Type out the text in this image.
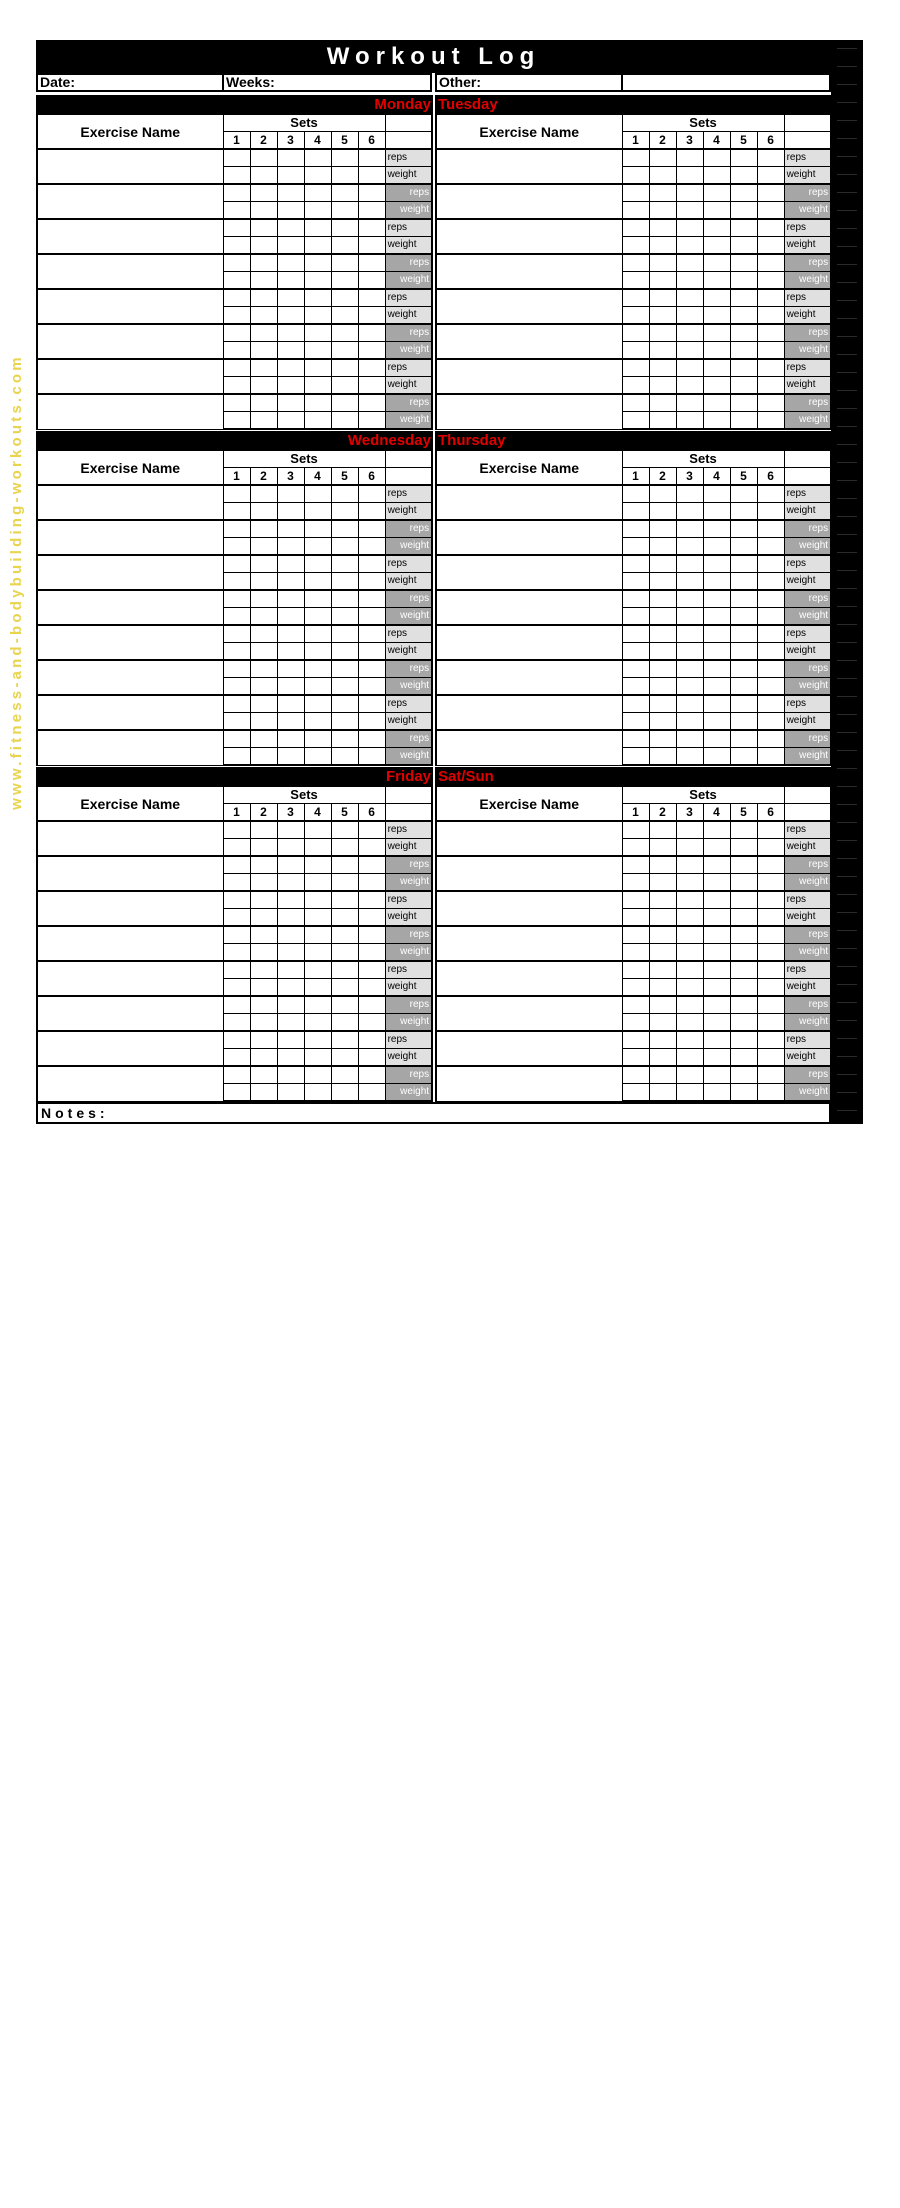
www.fitness-and-bodybuilding-workouts.com
Workout Log
Date:	Weeks:	Other:
Monday
Exercise Name	Sets						
	1	2	3	4	5	6	
							reps
							weight
							reps
							weight
							reps
							weight
							reps
							weight
							reps
							weight
							reps
							weight
							reps
							weight
							reps
							weight
Tuesday
Exercise Name	Sets						
	1	2	3	4	5	6	
							reps
							weight
							reps
							weight
							reps
							weight
							reps
							weight
							reps
							weight
							reps
							weight
							reps
							weight
							reps
							weight
Wednesday
Exercise Name	Sets						
	1	2	3	4	5	6	
							reps
							weight
							reps
							weight
							reps
							weight
							reps
							weight
							reps
							weight
							reps
							weight
							reps
							weight
							reps
							weight
Thursday
Exercise Name	Sets						
	1	2	3	4	5	6	
							reps
							weight
							reps
							weight
							reps
							weight
							reps
							weight
							reps
							weight
							reps
							weight
							reps
							weight
							reps
							weight
Friday
Exercise Name	Sets						
	1	2	3	4	5	6	
							reps
							weight
							reps
							weight
							reps
							weight
							reps
							weight
							reps
							weight
							reps
							weight
							reps
							weight
							reps
							weight
Sat/Sun
Exercise Name	Sets						
	1	2	3	4	5	6	
							reps
							weight
							reps
							weight
							reps
							weight
							reps
							weight
							reps
							weight
							reps
							weight
							reps
							weight
							reps
							weight
Notes:
